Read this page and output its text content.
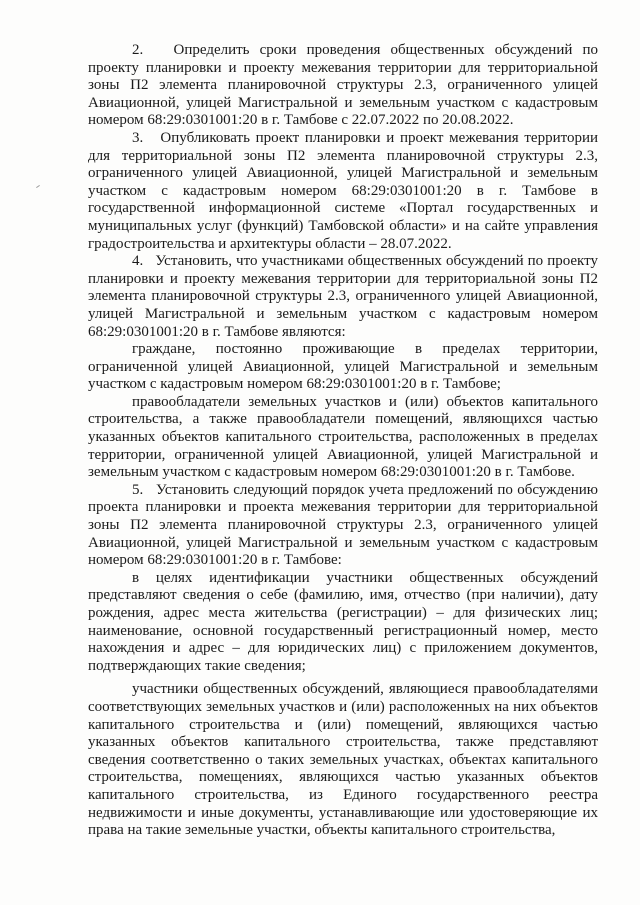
2. Определить сроки проведения общественных обсуждений по проекту планировки и проекту межевания территории для территориальной зоны П2 элемента планировочной структуры 2.3, ограниченного улицей Авиационной, улицей Магистральной и земельным участком с кадастровым номером 68:29:0301001:20 в г. Тамбове с 22.07.2022 по 20.08.2022.

3. Опубликовать проект планировки и проект межевания территории для территориальной зоны П2 элемента планировочной структуры 2.3, ограниченного улицей Авиационной, улицей Магистральной и земельным участком с кадастровым номером 68:29:0301001:20 в г. Тамбове в государственной информационной системе «Портал государственных и муниципальных услуг (функций) Тамбовской области» и на сайте управления градостроительства и архитектуры области – 28.07.2022.

4. Установить, что участниками общественных обсуждений по проекту планировки и проекту межевания территории для территориальной зоны П2 элемента планировочной структуры 2.3, ограниченного улицей Авиационной, улицей Магистральной и земельным участком с кадастровым номером 68:29:0301001:20 в г. Тамбове являются:

граждане, постоянно проживающие в пределах территории, ограниченной улицей Авиационной, улицей Магистральной и земельным участком с кадастровым номером 68:29:0301001:20 в г. Тамбове;

правообладатели земельных участков и (или) объектов капитального строительства, а также правообладатели помещений, являющихся частью указанных объектов капитального строительства, расположенных в пределах территории, ограниченной улицей Авиационной, улицей Магистральной и земельным участком с кадастровым номером 68:29:0301001:20 в г. Тамбове.

5. Установить следующий порядок учета предложений по обсуждению проекта планировки и проекта межевания территории для территориальной зоны П2 элемента планировочной структуры 2.3, ограниченного улицей Авиационной, улицей Магистральной и земельным участком с кадастровым номером 68:29:0301001:20 в г. Тамбове:

в целях идентификации участники общественных обсуждений представляют сведения о себе (фамилию, имя, отчество (при наличии), дату рождения, адрес места жительства (регистрации) – для физических лиц; наименование, основной государственный регистрационный номер, место нахождения и адрес – для юридических лиц) с приложением документов, подтверждающих такие сведения;

участники общественных обсуждений, являющиеся правообладателями соответствующих земельных участков и (или) расположенных на них объектов капитального строительства и (или) помещений, являющихся частью указанных объектов капитального строительства, также представляют сведения соответственно о таких земельных участках, объектах капитального строительства, помещениях, являющихся частью указанных объектов капитального строительства, из Единого государственного реестра недвижимости и иные документы, устанавливающие или удостоверяющие их права на такие земельные участки, объекты капитального строительства,
